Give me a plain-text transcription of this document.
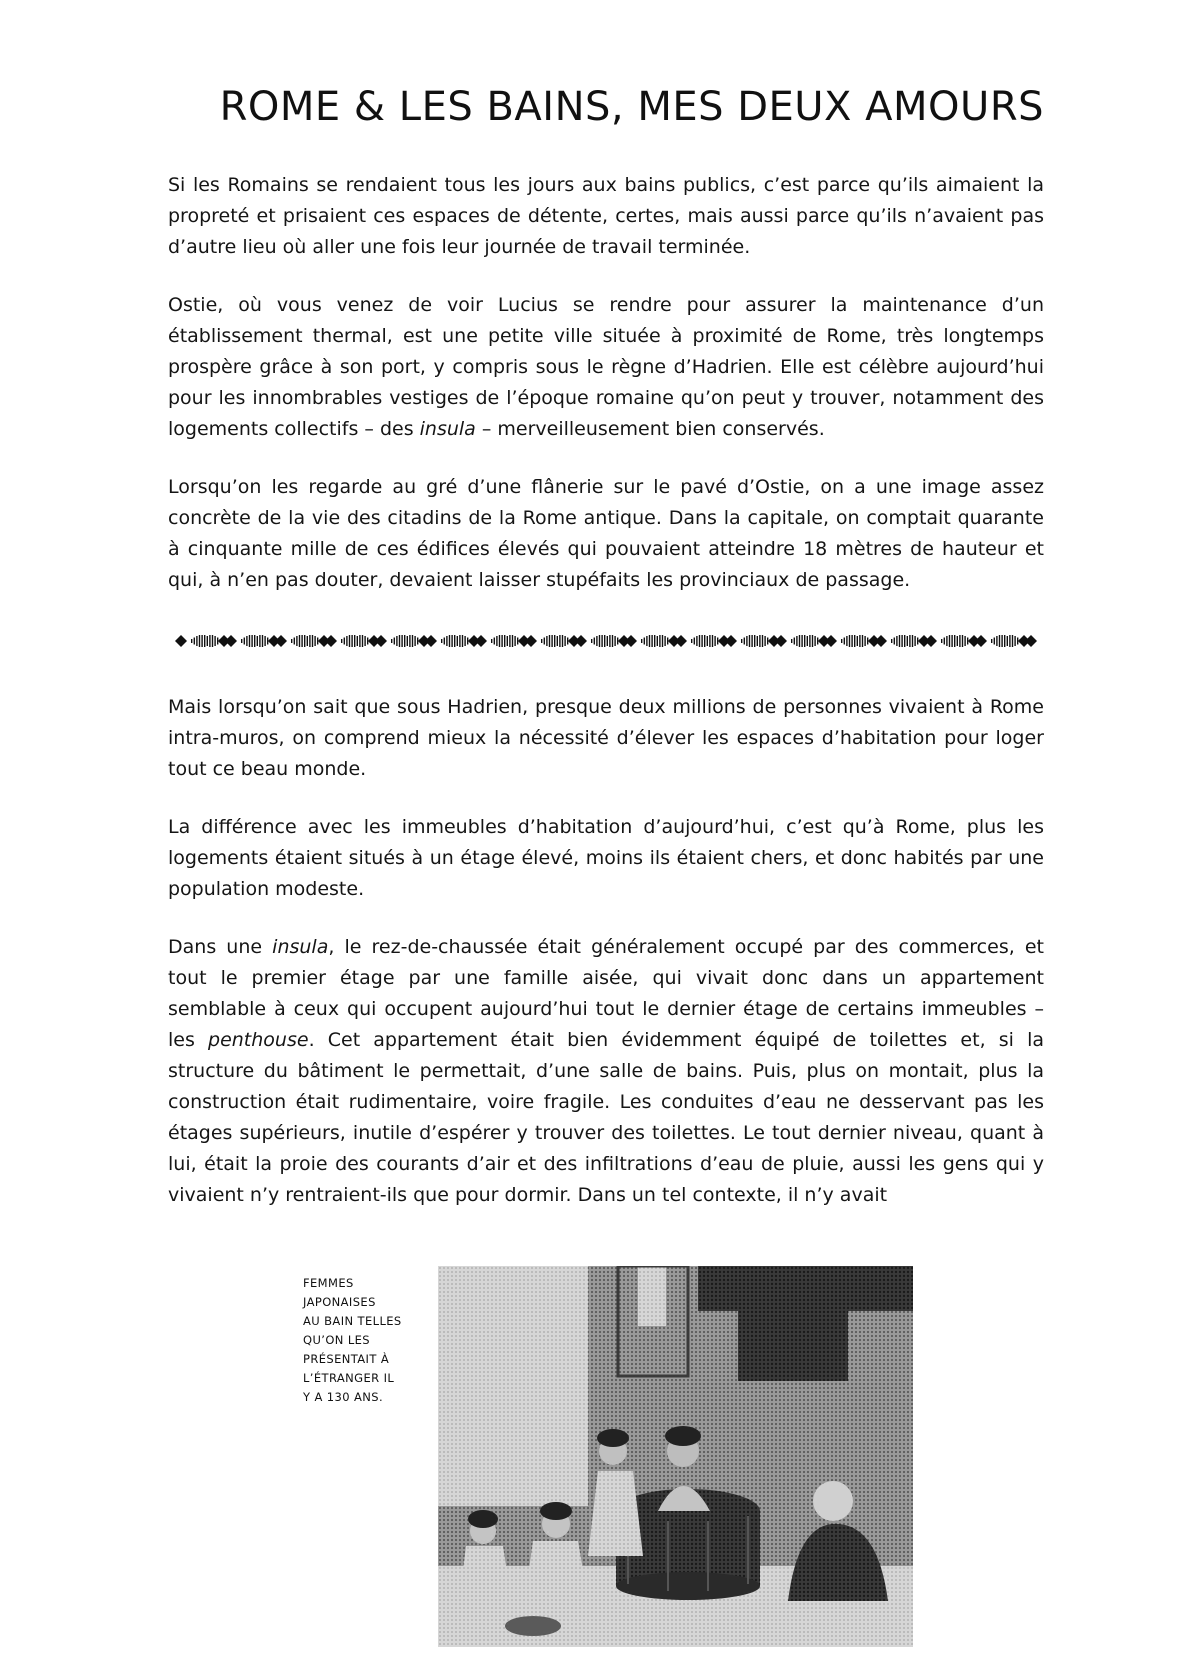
ROME & LES BAINS, MES DEUX AMOURS

Si les Romains se rendaient tous les jours aux bains publics, c’est parce qu’ils aimaient la propreté et prisaient ces espaces de détente, certes, mais aussi parce qu’ils n’avaient pas d’autre lieu où aller une fois leur journée de travail terminée.

Ostie, où vous venez de voir Lucius se rendre pour assurer la maintenance d’un établissement thermal, est une petite ville située à proximité de Rome, très longtemps prospère grâce à son port, y compris sous le règne d’Hadrien. Elle est célèbre aujourd’hui pour les innombrables vestiges de l’époque romaine qu’on peut y trouver, notamment des logements collectifs – des insula – merveilleusement bien conservés.

Lorsqu’on les regarde au gré d’une flânerie sur le pavé d’Ostie, on a une image assez concrète de la vie des citadins de la Rome antique. Dans la capitale, on comptait quarante à cinquante mille de ces édifices élevés qui pouvaient atteindre 18 mètres de hauteur et qui, à n’en pas douter, devaient laisser stupéfaits les provinciaux de passage.

Mais lorsqu’on sait que sous Hadrien, presque deux millions de personnes vivaient à Rome intra-muros, on comprend mieux la nécessité d’élever les espaces d’habitation pour loger tout ce beau monde.

La différence avec les immeubles d’habitation d’aujourd’hui, c’est qu’à Rome, plus les logements étaient situés à un étage élevé, moins ils étaient chers, et donc habités par une population modeste.

Dans une insula, le rez-de-chaussée était généralement occupé par des commerces, et tout le premier étage par une famille aisée, qui vivait donc dans un appartement semblable à ceux qui occupent aujourd’hui tout le dernier étage de certains immeubles – les penthouse. Cet appartement était bien évidemment équipé de toilettes et, si la structure du bâtiment le permettait, d’une salle de bains. Puis, plus on montait, plus la construction était rudimentaire, voire fragile. Les conduites d’eau ne desservant pas les étages supérieurs, inutile d’espérer y trouver des toilettes. Le tout dernier niveau, quant à lui, était la proie des courants d’air et des infiltrations d’eau de pluie, aussi les gens qui y vivaient n’y rentraient-ils que pour dormir. Dans un tel contexte, il n’y avait

FEMMES
JAPONAISES
AU BAIN TELLES
QU’ON LES
PRÉSENTAIT À
L’ÉTRANGER IL
Y A 130 ANS.
